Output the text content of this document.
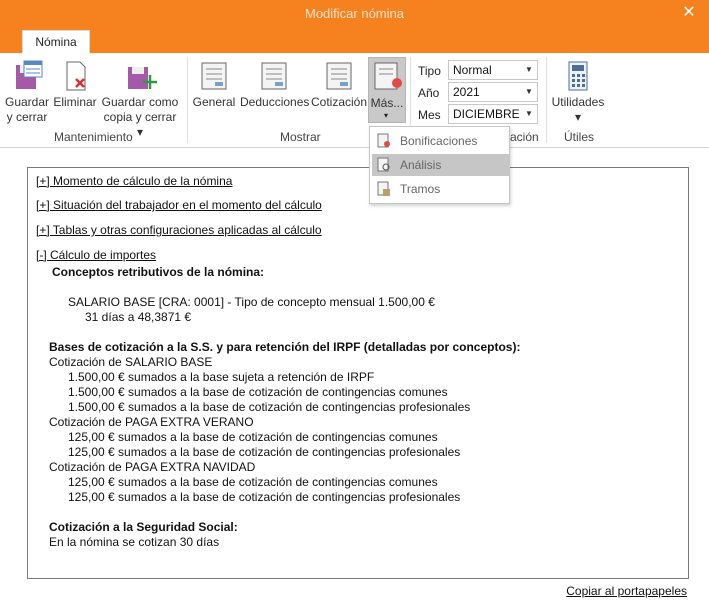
Modificar nómina	✕
Nómina
Guardar
y cerrar
Eliminar Guardar como
copia y cerrar ▾
Mantenimiento
General Deducciones Cotización Más...
▾
Mostrar
Tipo	Normal	▼
Año	2021	▼
Mes	DICIEMBRE ▼
ación
Utilidades
▾
Útiles
Bonificaciones
Análisis
Tramos
[+] Momento de cálculo de la nómina
[+] Situación del trabajador en el momento del cálculo
[+] Tablas y otras configuraciones aplicadas al cálculo
[-] Cálculo de importes
Conceptos retributivos de la nómina:
SALARIO BASE [CRA: 0001] - Tipo de concepto mensual 1.500,00 €
31 días a 48,3871 €
Bases de cotización a la S.S. y para retención del IRPF (detalladas por conceptos):
Cotización de SALARIO BASE
1.500,00 € sumados a la base sujeta a retención de IRPF
1.500,00 € sumados a la base de cotización de contingencias comunes
1.500,00 € sumados a la base de cotización de contingencias profesionales
Cotización de PAGA EXTRA VERANO
125,00 € sumados a la base de cotización de contingencias comunes
125,00 € sumados a la base de cotización de contingencias profesionales
Cotización de PAGA EXTRA NAVIDAD
125,00 € sumados a la base de cotización de contingencias comunes
125,00 € sumados a la base de cotización de contingencias profesionales
Cotización a la Seguridad Social:
En la nómina se cotizan 30 días
Copiar al portapapeles
